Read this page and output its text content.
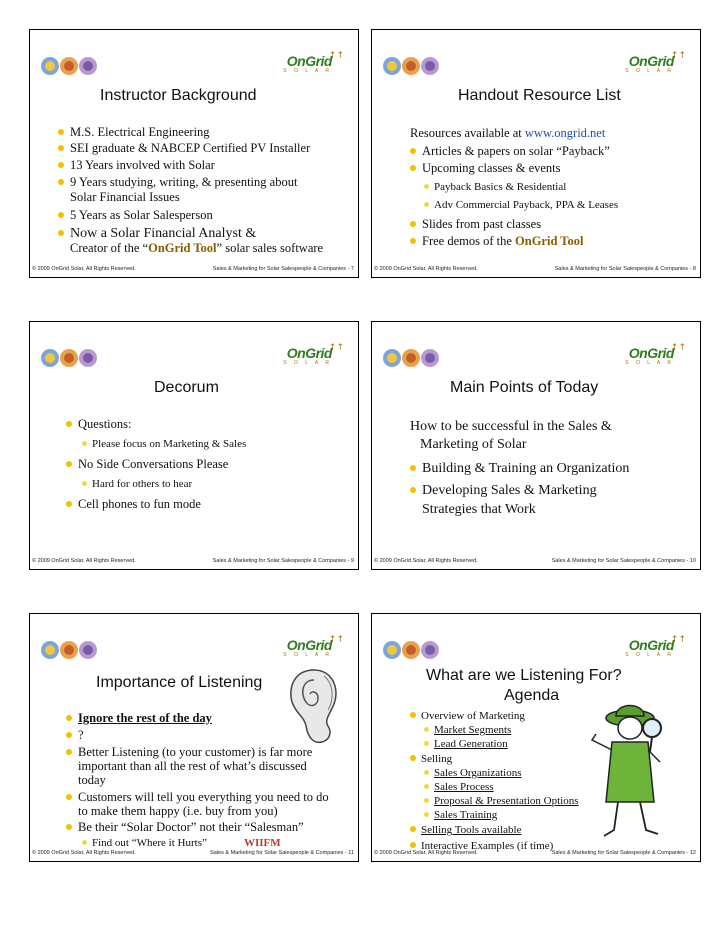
OnGrid
S O L A R
↑↑
Instructor Background
M.S. Electrical Engineering
SEI graduate & NABCEP Certified PV Installer
13 Years involved with Solar
9 Years studying, writing, & presenting about
Solar Financial Issues
5 Years as Solar Salesperson
Now a Solar Financial Analyst &
Creator of the “OnGrid Tool” solar sales software
© 2009 OnGrid Solar, All Rights Reserved.	Sales & Marketing for Solar Salespeople & Companies - 7
OnGrid
S O L A R
↑↑
Handout Resource List
Resources available at www.ongrid.net
Articles & papers on solar “Payback”
Upcoming classes & events
Payback Basics & Residential
Adv Commercial Payback, PPA & Leases
Slides from past classes
Free demos of the OnGrid Tool
© 2009 OnGrid Solar, All Rights Reserved.	Sales & Marketing for Solar Salespeople & Companies - 8
OnGrid
S O L A R
↑↑
Decorum
Questions:
Please focus on Marketing & Sales
No Side Conversations Please
Hard for others to hear
Cell phones to fun mode
© 2009 OnGrid Solar, All Rights Reserved.	Sales & Marketing for Solar Salespeople & Companies - 9
OnGrid
S O L A R
↑↑
Main Points of Today
How to be successful in the Sales &
Marketing of Solar
Building & Training an Organization
Developing Sales & Marketing
Strategies that Work
© 2009 OnGrid Solar, All Rights Reserved.	Sales & Marketing for Solar Salespeople & Companies - 10
OnGrid
S O L A R
↑↑
Importance of Listening
Ignore the rest of the day
?
Better Listening (to your customer) is far more
important than all the rest of what’s discussed
today
Customers will tell you everything you need to do
to make them happy (i.e. buy from you)
Be their “Solar Doctor” not their “Salesman”
Find out “Where it Hurts”	WIIFM
© 2009 OnGrid Solar, All Rights Reserved.	Sales & Marketing for Solar Salespeople & Companies - 11
OnGrid
S O L A R
↑↑
What are we Listening For?
Agenda
Overview of Marketing
Market Segments
Lead Generation
Selling
Sales Organizations
Sales Process
Proposal & Presentation Options
Sales Training
Selling Tools available
Interactive Examples (if time)
© 2009 OnGrid Solar, All Rights Reserved.	Sales & Marketing for Solar Salespeople & Companies - 12
